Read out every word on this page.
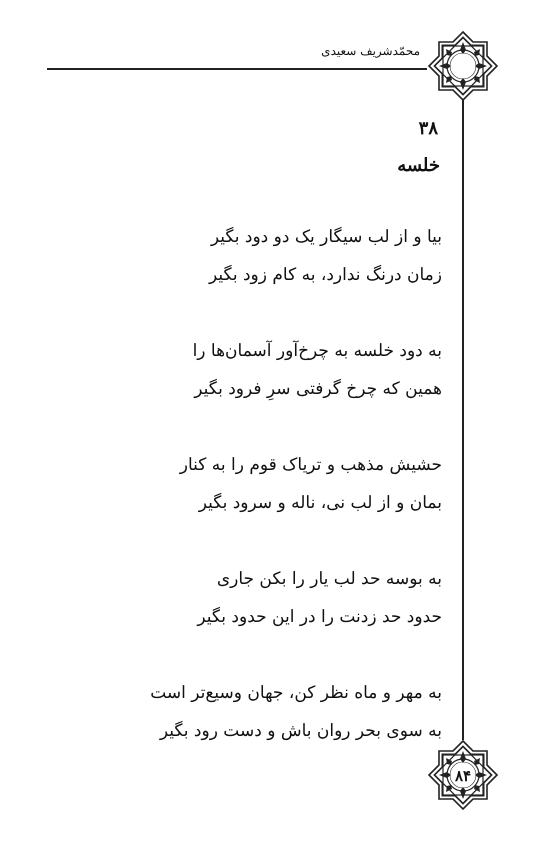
محمّدشریف سعیدی
۳۸
خلسه
بیا و از لب سیگار یک دو دود بگیر
زمان درنگ ندارد، به کام زود بگیر
به دود خلسه به چرخ‌آور آسمان‌ها را
همین که چرخ گرفتی سرِ فرود بگیر
حشیش مذهب و تریاک قوم را به کنار
بمان و از لب نی، ناله و سرود بگیر
به بوسه حد لب یار را بکن جاری
حدود حد زدنت را در این حدود بگیر
به مهر و ماه نظر کن، جهان وسیع‌تر است
به سوی بحر روان باش و دست رود بگیر
۸۴
